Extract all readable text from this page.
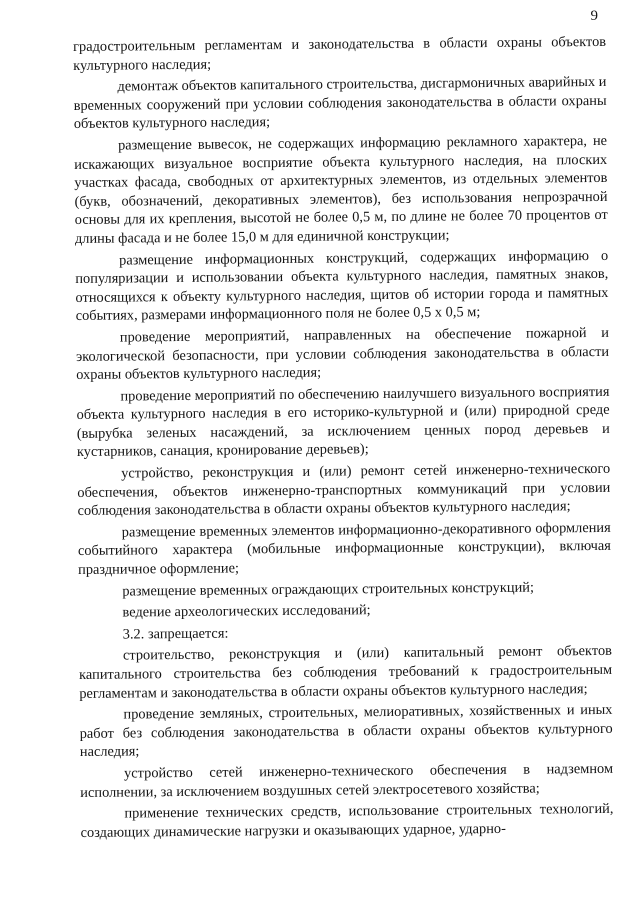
9

градостроительным регламентам и законодательства в области охраны объектов культурного наследия;

демонтаж объектов капитального строительства, дисгармоничных аварийных и временных сооружений при условии соблюдения законодательства в области охраны объектов культурного наследия;

размещение вывесок, не содержащих информацию рекламного характера, не искажающих визуальное восприятие объекта культурного наследия, на плоских участках фасада, свободных от архитектурных элементов, из отдельных элементов (букв, обозначений, декоративных элементов), без использования непрозрачной основы для их крепления, высотой не более 0,5 м, по длине не более 70 процентов от длины фасада и не более 15,0 м для единичной конструкции;

размещение информационных конструкций, содержащих информацию о популяризации и использовании объекта культурного наследия, памятных знаков, относящихся к объекту культурного наследия, щитов об истории города и памятных событиях, размерами информационного поля не более 0,5 х 0,5 м;

проведение мероприятий, направленных на обеспечение пожарной и экологической безопасности, при условии соблюдения законодательства в области охраны объектов культурного наследия;

проведение мероприятий по обеспечению наилучшего визуального восприятия объекта культурного наследия в его историко-культурной и (или) природной среде (вырубка зеленых насаждений, за исключением ценных пород деревьев и кустарников, санация, кронирование деревьев);

устройство, реконструкция и (или) ремонт сетей инженерно-технического обеспечения, объектов инженерно-транспортных коммуникаций при условии соблюдения законодательства в области охраны объектов культурного наследия;

размещение временных элементов информационно-декоративного оформления событийного характера (мобильные информационные конструкции), включая праздничное оформление;

размещение временных ограждающих строительных конструкций;

ведение археологических исследований;

3.2. запрещается:

строительство, реконструкция и (или) капитальный ремонт объектов капитального строительства без соблюдения требований к градостроительным регламентам и законодательства в области охраны объектов культурного наследия;

проведение земляных, строительных, мелиоративных, хозяйственных и иных работ без соблюдения законодательства в области охраны объектов культурного наследия;

устройство сетей инженерно-технического обеспечения в надземном исполнении, за исключением воздушных сетей электросетевого хозяйства;

применение технических средств, использование строительных технологий, создающих динамические нагрузки и оказывающих ударное, ударно-
